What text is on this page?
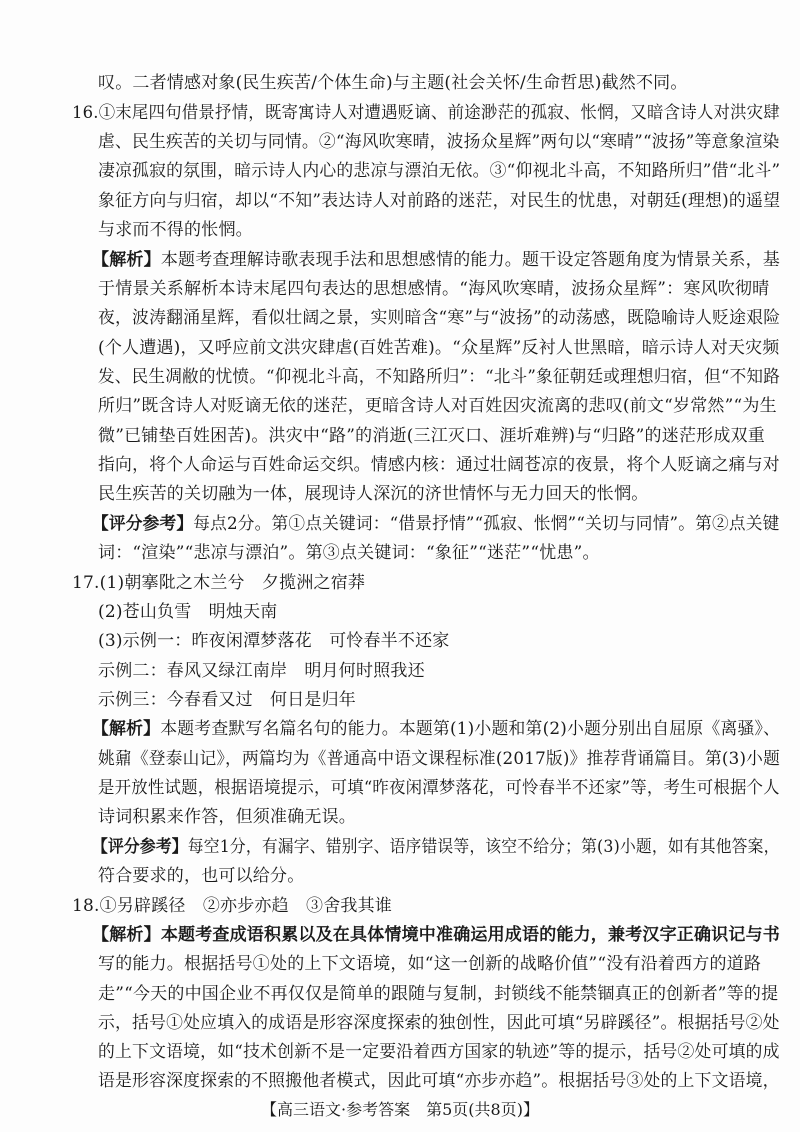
叹。二者情感对象(民生疾苦/个体生命)与主题(社会关怀/生命哲思)截然不同。
16.①末尾四句借景抒情，既寄寓诗人对遭遇贬谪、前途渺茫的孤寂、怅惘，又暗含诗人对洪灾肆
虐、民生疾苦的关切与同情。②“海风吹寒晴，波扬众星辉”两句以“寒晴”“波扬”等意象渲染
凄凉孤寂的氛围，暗示诗人内心的悲凉与漂泊无依。③“仰视北斗高，不知路所归”借“北斗”
象征方向与归宿，却以“不知”表达诗人对前路的迷茫，对民生的忧患，对朝廷(理想)的遥望
与求而不得的怅惘。
【解析】本题考查理解诗歌表现手法和思想感情的能力。题干设定答题角度为情景关系，基
于情景关系解析本诗末尾四句表达的思想感情。“海风吹寒晴，波扬众星辉”：寒风吹彻晴
夜，波涛翻涌星辉，看似壮阔之景，实则暗含“寒”与“波扬”的动荡感，既隐喻诗人贬途艰险
(个人遭遇)，又呼应前文洪灾肆虐(百姓苦难)。“众星辉”反衬人世黑暗，暗示诗人对天灾频
发、民生凋敝的忧愤。“仰视北斗高，不知路所归”：“北斗”象征朝廷或理想归宿，但“不知路
所归”既含诗人对贬谪无依的迷茫，更暗含诗人对百姓因灾流离的悲叹(前文“岁常然”“为生
微”已铺垫百姓困苦)。洪灾中“路”的消逝(三江灭口、涯圻难辨)与“归路”的迷茫形成双重
指向，将个人命运与百姓命运交织。情感内核：通过壮阔苍凉的夜景，将个人贬谪之痛与对
民生疾苦的关切融为一体，展现诗人深沉的济世情怀与无力回天的怅惘。
【评分参考】每点2分。第①点关键词：“借景抒情”“孤寂、怅惘”“关切与同情”。第②点关键
词：“渲染”“悲凉与漂泊”。第③点关键词：“象征”“迷茫”“忧患”。
17.(1)朝搴阰之木兰兮　夕揽洲之宿莽
(2)苍山负雪　明烛天南
(3)示例一：昨夜闲潭梦落花　可怜春半不还家
示例二：春风又绿江南岸　明月何时照我还
示例三：今春看又过　何日是归年
【解析】本题考查默写名篇名句的能力。本题第(1)小题和第(2)小题分别出自屈原《离骚》、
姚鼐《登泰山记》，两篇均为《普通高中语文课程标准(2017版)》推荐背诵篇目。第(3)小题
是开放性试题，根据语境提示，可填“昨夜闲潭梦落花，可怜春半不还家”等，考生可根据个人
诗词积累来作答，但须准确无误。
【评分参考】每空1分，有漏字、错别字、语序错误等，该空不给分；第(3)小题，如有其他答案，
符合要求的，也可以给分。
18.①另辟蹊径　②亦步亦趋　③舍我其谁
【解析】本题考查成语积累以及在具体情境中准确运用成语的能力，兼考汉字正确识记与书
写的能力。根据括号①处的上下文语境，如“这一创新的战略价值”“没有沿着西方的道路
走”“今天的中国企业不再仅仅是简单的跟随与复制，封锁线不能禁锢真正的创新者”等的提
示，括号①处应填入的成语是形容深度探索的独创性，因此可填“另辟蹊径”。根据括号②处
的上下文语境，如“技术创新不是一定要沿着西方国家的轨迹”等的提示，括号②处可填的成
语是形容深度探索的不照搬他者模式，因此可填“亦步亦趋”。根据括号③处的上下文语境，
【高三语文·参考答案　第5页(共8页)】
